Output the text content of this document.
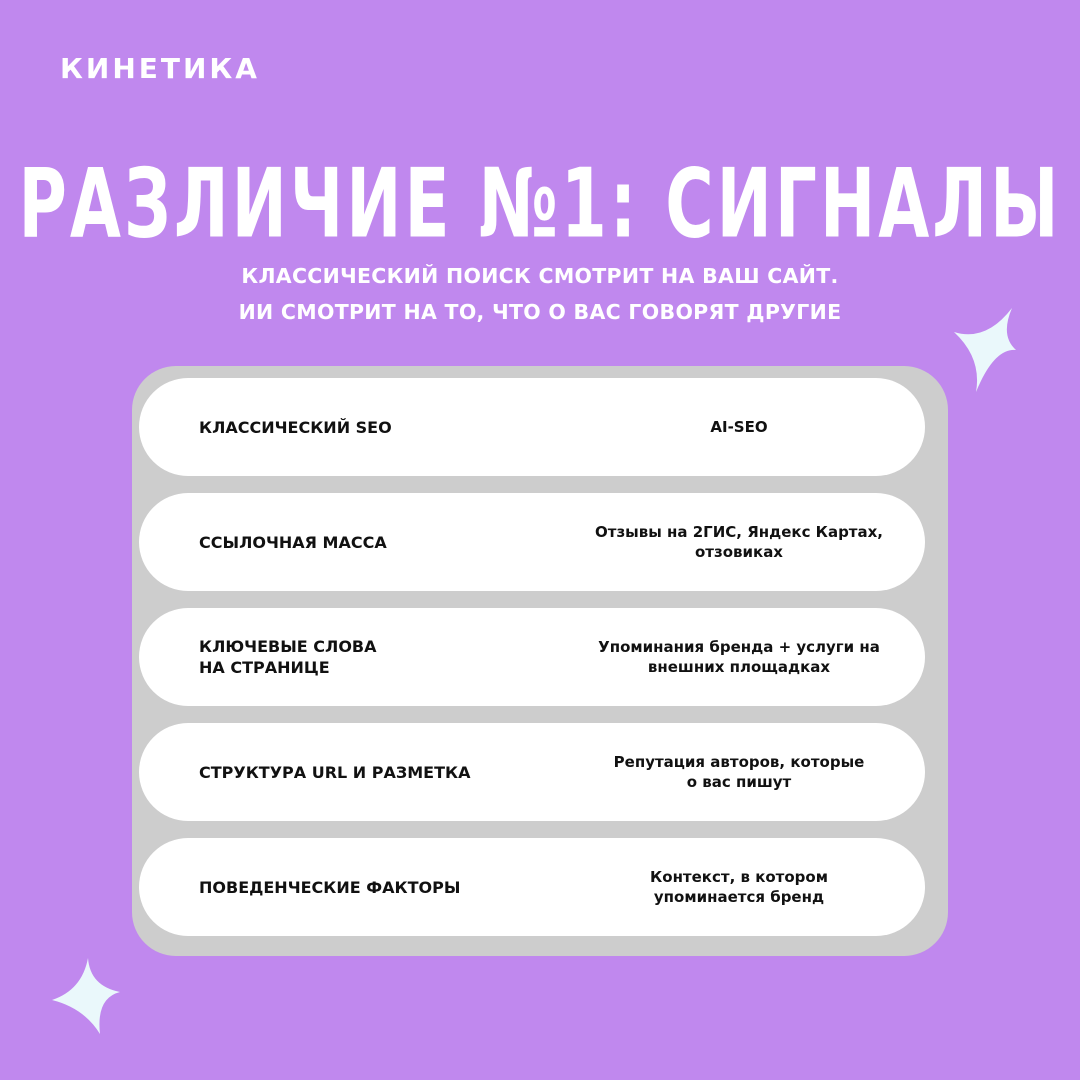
КИНЕТИКА
РАЗЛИЧИЕ №1: СИГНАЛЫ
КЛАССИЧЕСКИЙ ПОИСК СМОТРИТ НА ВАШ САЙТ.
ИИ СМОТРИТ НА ТО, ЧТО О ВАС ГОВОРЯТ ДРУГИЕ
КЛАССИЧЕСКИЙ SEO	AI-SEO
ССЫЛОЧНАЯ МАССА
Отзывы на 2ГИС, Яндекс Картах,
отзовиках
КЛЮЧЕВЫЕ СЛОВА
НА СТРАНИЦЕ
Упоминания бренда + услуги на
внешних площадках
СТРУКТУРА URL И РАЗМЕТКА
Репутация авторов, которые
о вас пишут
ПОВЕДЕНЧЕСКИЕ ФАКТОРЫ
Контекст, в котором
упоминается бренд
